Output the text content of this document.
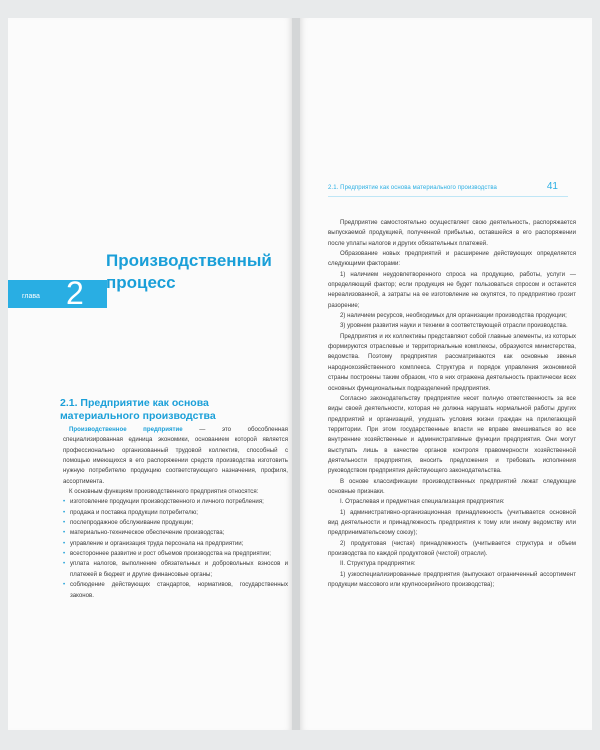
глава 2
Производственный процесс
2.1. Предприятие как основа материального производства

Производственное предприятие — это обособленная специализированная единица экономики, основанием которой является профессионально организованный трудовой коллектив, способный с помощью имеющихся в его распоряжении средств производства изготовить нужную потребителю продукцию соответствующего назначения, профиля, ассортимента.

К основным функциям производственного предприятия относятся:

• изготовление продукции производственного и личного потребления;
• продажа и поставка продукции потребителю;
• послепродажное обслуживание продукции;
• материально-техническое обеспечение производства;
• управление и организация труда персонала на предприятии;
• всестороннее развитие и рост объемов производства на предприятии;
• уплата налогов, выполнение обязательных и добровольных взносов и платежей в бюджет и другие финансовые органы;
• соблюдение действующих стандартов, нормативов, государственных законов.
2.1. Предприятие как основа материального производства	41

Предприятие самостоятельно осуществляет свою деятельность, распоряжается выпускаемой продукцией, полученной прибылью, оставшейся в его распоряжении после уплаты налогов и других обязательных платежей.

Образование новых предприятий и расширение действующих определяется следующими факторами:

1) наличием неудовлетворенного спроса на продукцию, работы, услуги — определяющий фактор; если продукция не будет пользоваться спросом и останется нереализованной, а затраты на ее изготовление не окупятся, то предприятию грозит разорение;

2) наличием ресурсов, необходимых для организации производства продукции;

3) уровнем развития науки и техники в соответствующей отрасли производства.

Предприятия и их коллективы представляют собой главные элементы, из которых формируются отраслевые и территориальные комплексы, образуются министерства, ведомства. Поэтому предприятия рассматриваются как основные звенья народнохозяйственного комплекса. Структура и порядок управления экономикой страны построены таким образом, что в них отражена деятельность практически всех основных функциональных подразделений предприятия.

Согласно законодательству предприятие несет полную ответственность за все виды своей деятельности, которая не должна нарушать нормальной работы других предприятий и организаций, ухудшать условия жизни граждан на прилегающей территории. При этом государственные власти не вправе вмешиваться во все внутренние хозяйственные и административные функции предприятия. Они могут выступать лишь в качестве органов контроля правомерности хозяйственной деятельности предприятия, вносить предложения и требовать исполнения руководством предприятия действующего законодательства.

В основе классификации производственных предприятий лежат следующие основные признаки.

I. Отраслевая и предметная специализация предприятия:

1) административно-организационная принадлежность (учитывается основной вид деятельности и принадлежность предприятия к тому или иному ведомству или предпринимательскому союзу);

2) продуктовая (чистая) принадлежность (учитывается структура и объем производства по каждой продуктовой (чистой) отрасли).

II. Структура предприятия:

1) узкоспециализированные предприятия (выпускают ограниченный ассортимент продукции массового или крупносерийного производства);
